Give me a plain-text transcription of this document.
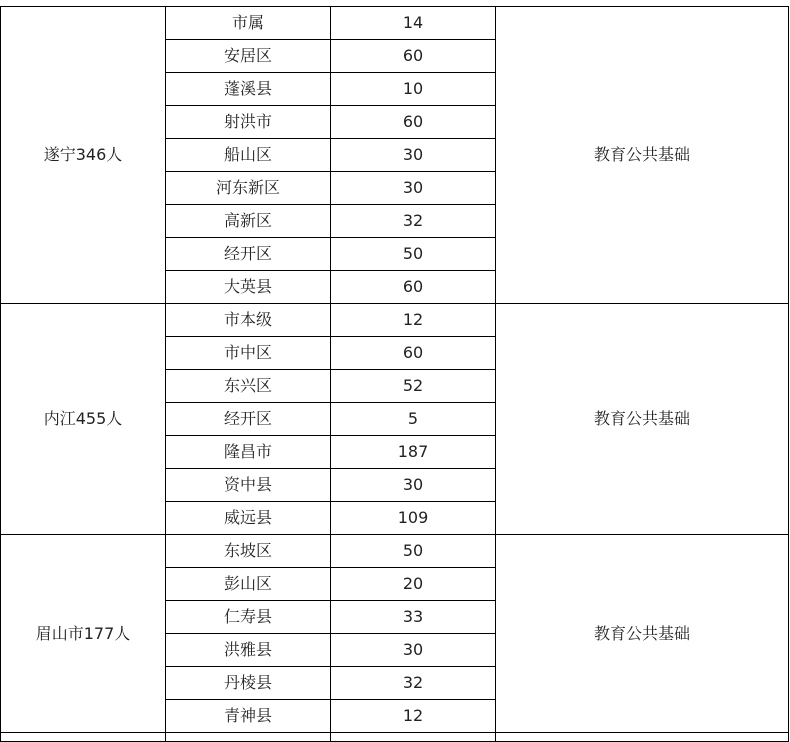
遂宁346人	市属	14	教育公共基础
	安居区	60	
	蓬溪县	10	
	射洪市	60	
	船山区	30	
	河东新区	30	
	高新区	32	
	经开区	50	
	大英县	60	
内江455人	市本级	12	教育公共基础
	市中区	60	
	东兴区	52	
	经开区	5	
	隆昌市	187	
	资中县	30	
	威远县	109	
眉山市177人	东坡区	50	教育公共基础
	彭山区	20	
	仁寿县	33	
	洪雅县	30	
	丹棱县	32	
	青神县	12	
